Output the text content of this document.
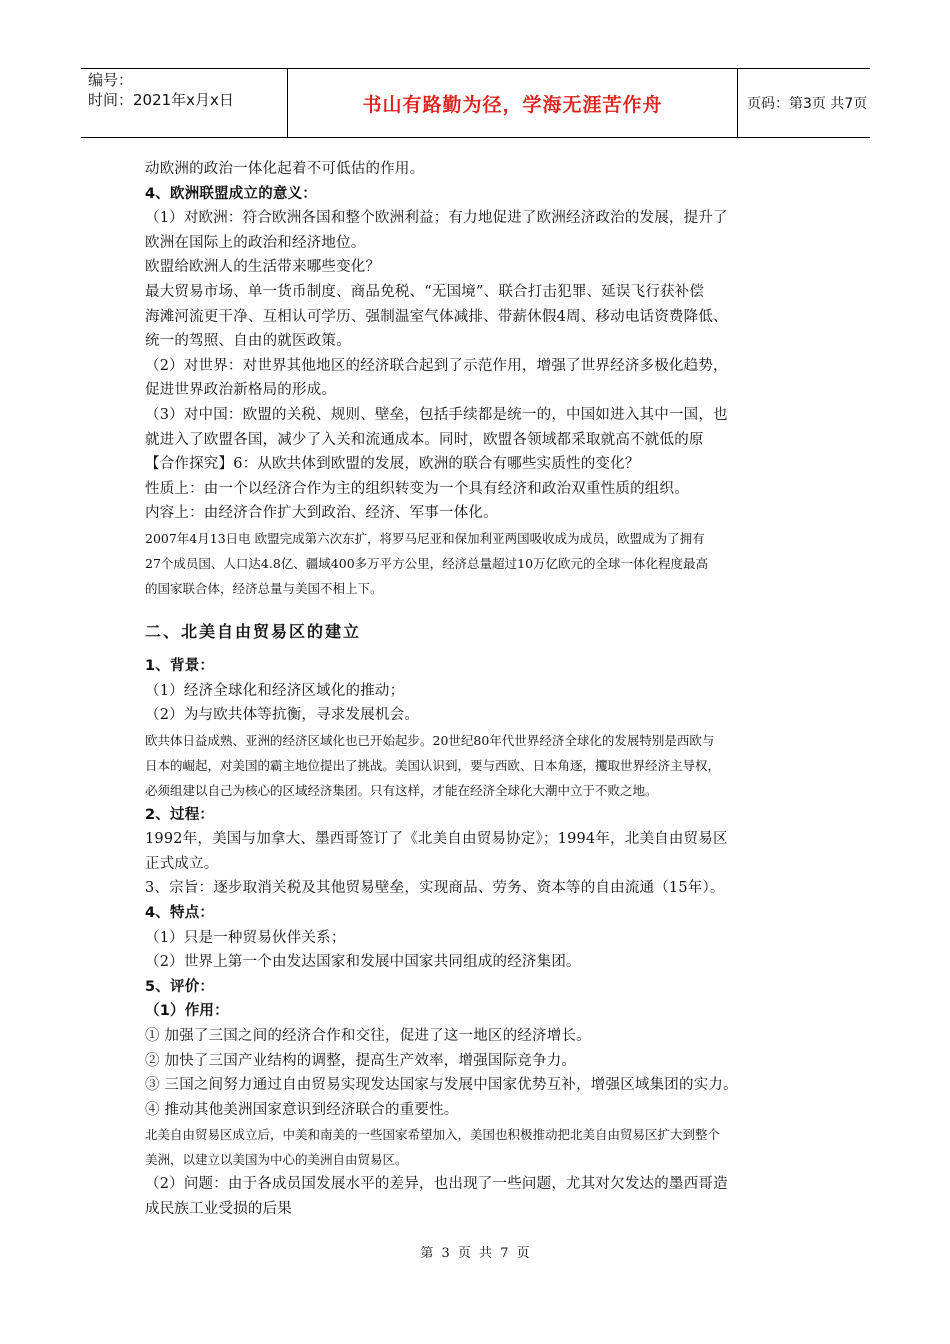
编号：
时间：2021年x月x日	书山有路勤为径，学海无涯苦作舟	页码：第3页 共7页
动欧洲的政治一体化起着不可低估的作用。
4、欧洲联盟成立的意义：
（1）对欧洲：符合欧洲各国和整个欧洲利益；有力地促进了欧洲经济政治的发展，提升了
欧洲在国际上的政治和经济地位。
欧盟给欧洲人的生活带来哪些变化？
最大贸易市场、单一货币制度、商品免税、“无国境”、联合打击犯罪、延误飞行获补偿
海滩河流更干净、互相认可学历、强制温室气体减排、带薪休假4周、移动电话资费降低、
统一的驾照、自由的就医政策。
（2）对世界：对世界其他地区的经济联合起到了示范作用，增强了世界经济多极化趋势，
促进世界政治新格局的形成。
（3）对中国：欧盟的关税、规则、壁垒，包括手续都是统一的，中国如进入其中一国，也
就进入了欧盟各国，减少了入关和流通成本。同时，欧盟各领域都采取就高不就低的原
【合作探究】6：从欧共体到欧盟的发展，欧洲的联合有哪些实质性的变化？
性质上：由一个以经济合作为主的组织转变为一个具有经济和政治双重性质的组织。
内容上：由经济合作扩大到政治、经济、军事一体化。
2007年4月13日电 欧盟完成第六次东扩，将罗马尼亚和保加利亚两国吸收成为成员，欧盟成为了拥有
27个成员国、人口达4.8亿、疆域400多万平方公里，经济总量超过10万亿欧元的全球一体化程度最高
的国家联合体，经济总量与美国不相上下。
二、北美自由贸易区的建立
1、背景：
（1）经济全球化和经济区域化的推动；
（2）为与欧共体等抗衡，寻求发展机会。
欧共体日益成熟、亚洲的经济区域化也已开始起步。20世纪80年代世界经济全球化的发展特别是西欧与
日本的崛起，对美国的霸主地位提出了挑战。美国认识到，要与西欧、日本角逐，攫取世界经济主导权，
必须组建以自己为核心的区域经济集团。只有这样，才能在经济全球化大潮中立于不败之地。
2、过程：
1992年，美国与加拿大、墨西哥签订了《北美自由贸易协定》；1994年，北美自由贸易区
正式成立。
3、宗旨：逐步取消关税及其他贸易壁垒，实现商品、劳务、资本等的自由流通（15年）。
4、特点：
（1）只是一种贸易伙伴关系；
（2）世界上第一个由发达国家和发展中国家共同组成的经济集团。
5、评价：
（1）作用：
① 加强了三国之间的经济合作和交往，促进了这一地区的经济增长。
② 加快了三国产业结构的调整，提高生产效率，增强国际竞争力。
③ 三国之间努力通过自由贸易实现发达国家与发展中国家优势互补，增强区域集团的实力。
④ 推动其他美洲国家意识到经济联合的重要性。
北美自由贸易区成立后，中美和南美的一些国家希望加入，美国也积极推动把北美自由贸易区扩大到整个
美洲，以建立以美国为中心的美洲自由贸易区。
（2）问题：由于各成员国发展水平的差异，也出现了一些问题，尤其对欠发达的墨西哥造
成民族工业受损的后果
第 3 页 共 7 页
